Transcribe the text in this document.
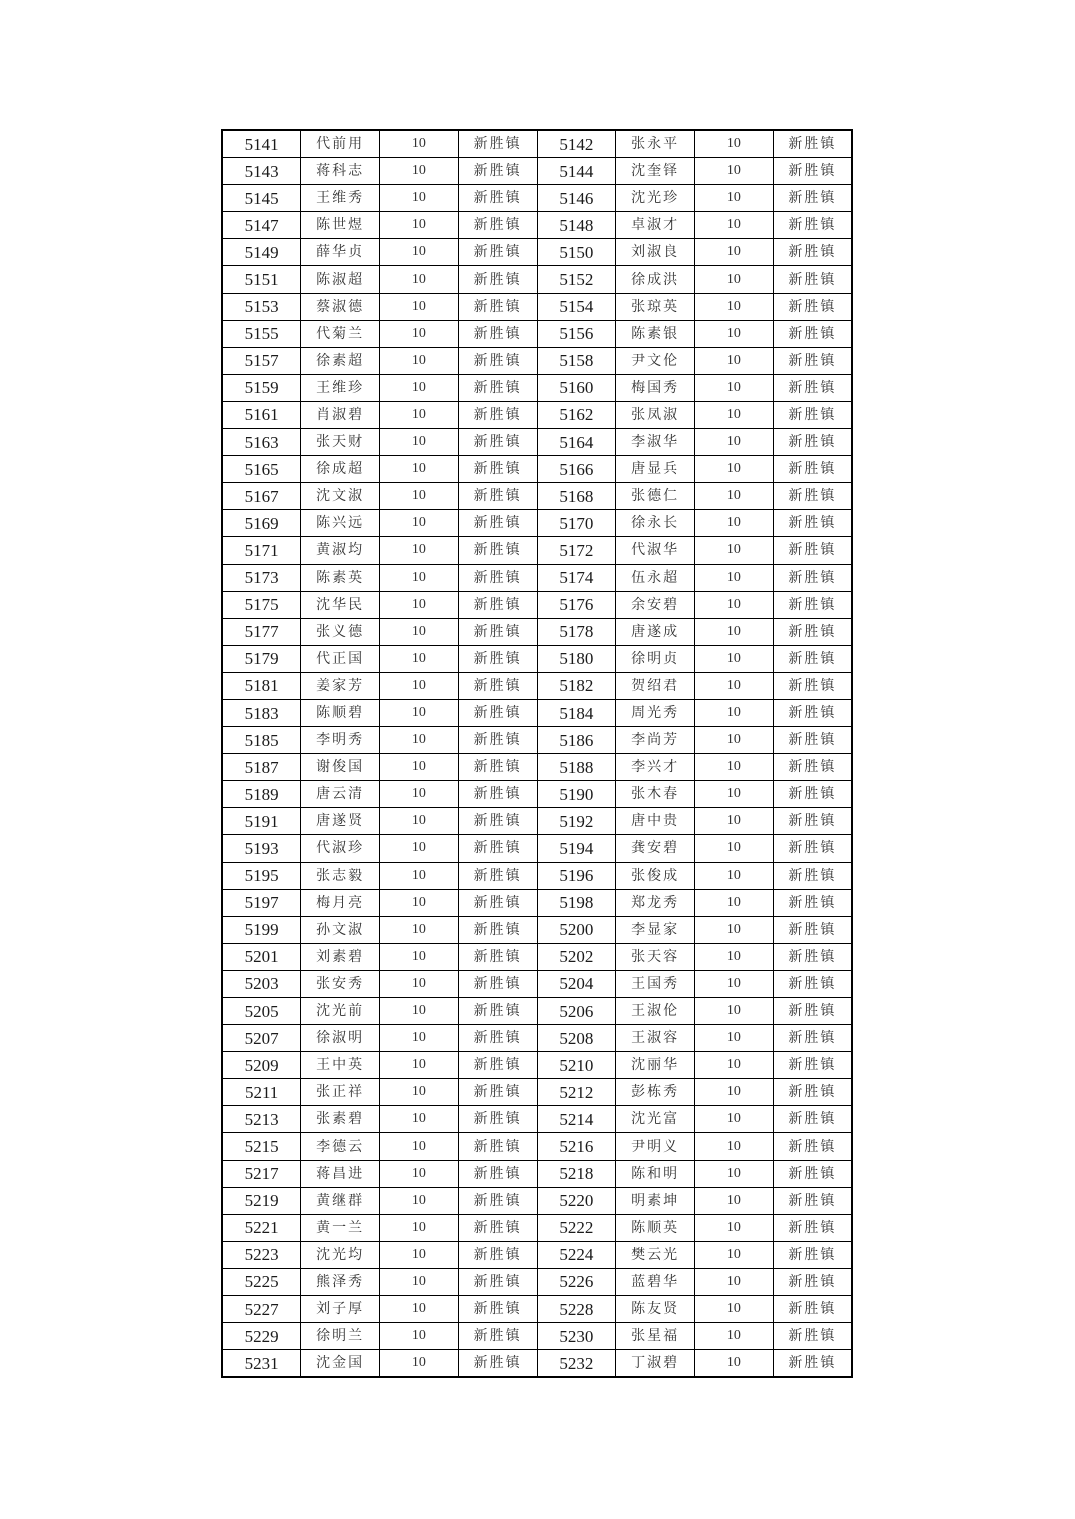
5141	代前用	10	新胜镇	5142	张永平	10	新胜镇
5143	蒋科志	10	新胜镇	5144	沈奎铎	10	新胜镇
5145	王维秀	10	新胜镇	5146	沈光珍	10	新胜镇
5147	陈世煜	10	新胜镇	5148	卓淑才	10	新胜镇
5149	薛华贞	10	新胜镇	5150	刘淑良	10	新胜镇
5151	陈淑超	10	新胜镇	5152	徐成洪	10	新胜镇
5153	蔡淑德	10	新胜镇	5154	张琼英	10	新胜镇
5155	代菊兰	10	新胜镇	5156	陈素银	10	新胜镇
5157	徐素超	10	新胜镇	5158	尹文伦	10	新胜镇
5159	王维珍	10	新胜镇	5160	梅国秀	10	新胜镇
5161	肖淑碧	10	新胜镇	5162	张凤淑	10	新胜镇
5163	张天财	10	新胜镇	5164	李淑华	10	新胜镇
5165	徐成超	10	新胜镇	5166	唐显兵	10	新胜镇
5167	沈文淑	10	新胜镇	5168	张德仁	10	新胜镇
5169	陈兴远	10	新胜镇	5170	徐永长	10	新胜镇
5171	黄淑均	10	新胜镇	5172	代淑华	10	新胜镇
5173	陈素英	10	新胜镇	5174	伍永超	10	新胜镇
5175	沈华民	10	新胜镇	5176	余安碧	10	新胜镇
5177	张义德	10	新胜镇	5178	唐遂成	10	新胜镇
5179	代正国	10	新胜镇	5180	徐明贞	10	新胜镇
5181	姜家芳	10	新胜镇	5182	贺绍君	10	新胜镇
5183	陈顺碧	10	新胜镇	5184	周光秀	10	新胜镇
5185	李明秀	10	新胜镇	5186	李尚芳	10	新胜镇
5187	谢俊国	10	新胜镇	5188	李兴才	10	新胜镇
5189	唐云清	10	新胜镇	5190	张木春	10	新胜镇
5191	唐遂贤	10	新胜镇	5192	唐中贵	10	新胜镇
5193	代淑珍	10	新胜镇	5194	龚安碧	10	新胜镇
5195	张志毅	10	新胜镇	5196	张俊成	10	新胜镇
5197	梅月亮	10	新胜镇	5198	郑龙秀	10	新胜镇
5199	孙文淑	10	新胜镇	5200	李显家	10	新胜镇
5201	刘素碧	10	新胜镇	5202	张天容	10	新胜镇
5203	张安秀	10	新胜镇	5204	王国秀	10	新胜镇
5205	沈光前	10	新胜镇	5206	王淑伦	10	新胜镇
5207	徐淑明	10	新胜镇	5208	王淑容	10	新胜镇
5209	王中英	10	新胜镇	5210	沈丽华	10	新胜镇
5211	张正祥	10	新胜镇	5212	彭栋秀	10	新胜镇
5213	张素碧	10	新胜镇	5214	沈光富	10	新胜镇
5215	李德云	10	新胜镇	5216	尹明义	10	新胜镇
5217	蒋昌进	10	新胜镇	5218	陈和明	10	新胜镇
5219	黄继群	10	新胜镇	5220	明素坤	10	新胜镇
5221	黄一兰	10	新胜镇	5222	陈顺英	10	新胜镇
5223	沈光均	10	新胜镇	5224	樊云光	10	新胜镇
5225	熊泽秀	10	新胜镇	5226	蓝碧华	10	新胜镇
5227	刘子厚	10	新胜镇	5228	陈友贤	10	新胜镇
5229	徐明兰	10	新胜镇	5230	张星福	10	新胜镇
5231	沈金国	10	新胜镇	5232	丁淑碧	10	新胜镇
